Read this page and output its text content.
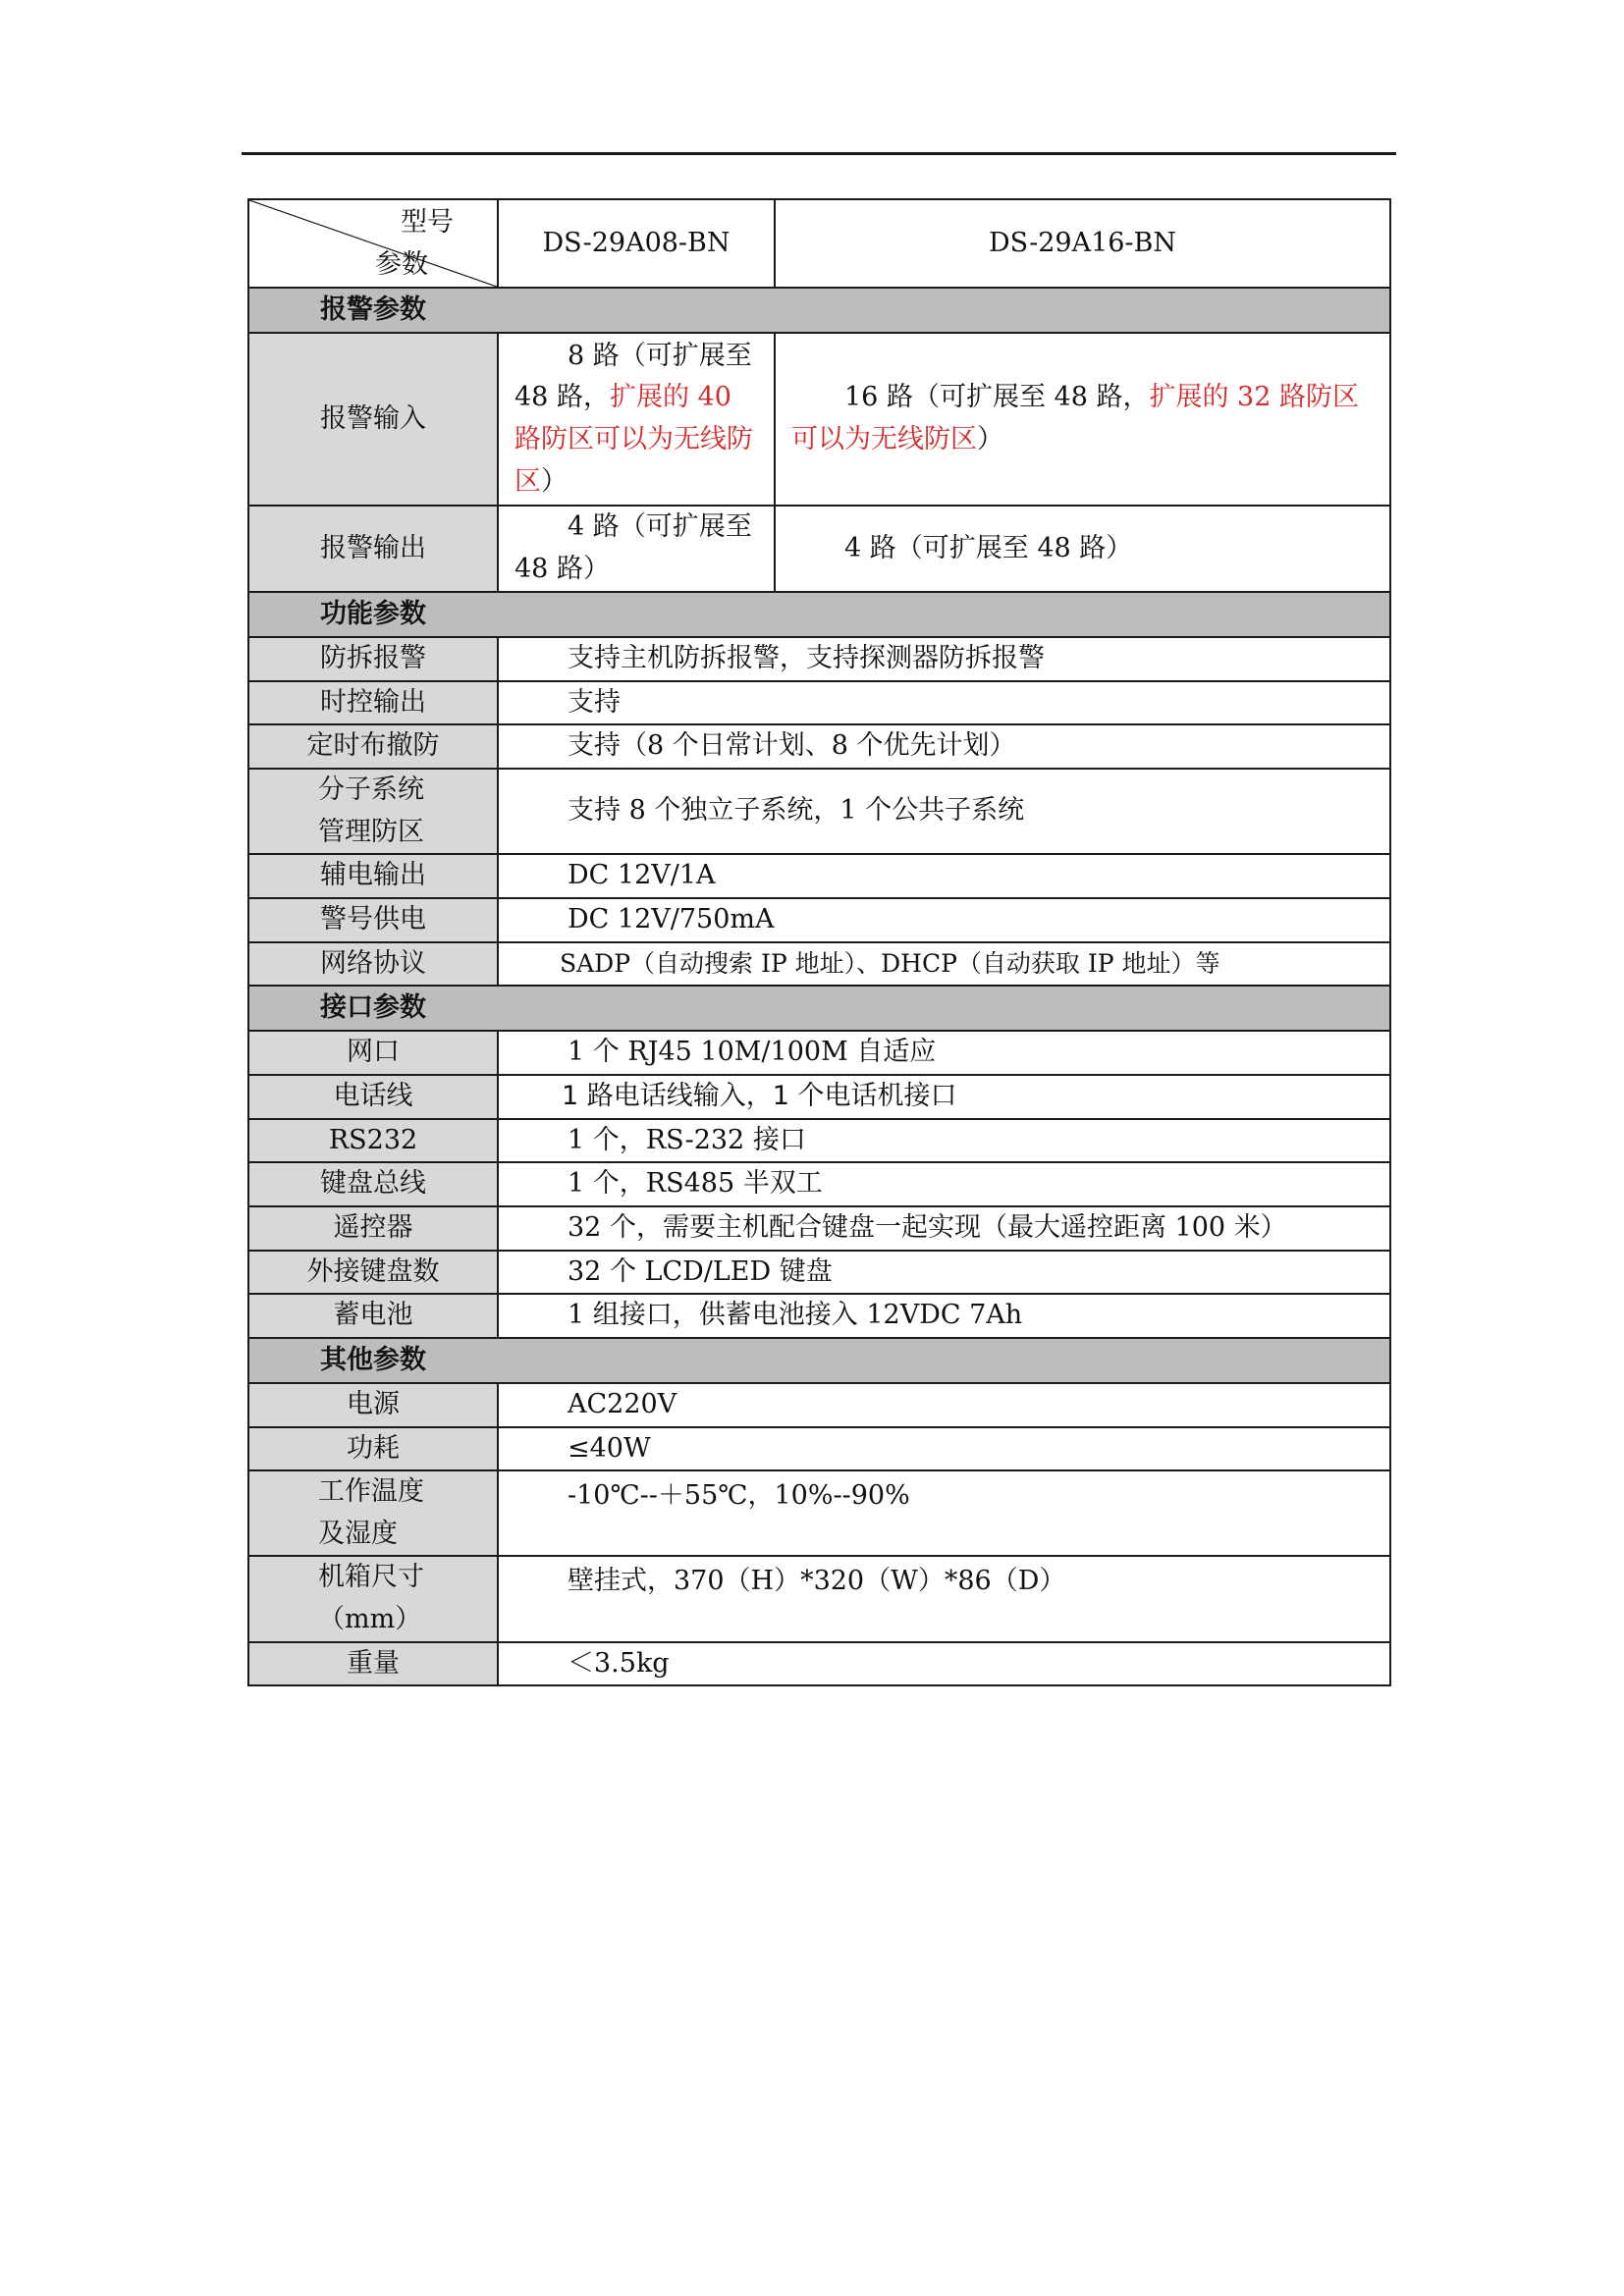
型号
参数	DS-29A08-BN	DS-29A16-BN
报警参数		
报警输入	8 路（可扩展至48 路，扩展的 40 路防区可以为无线防区）	16 路（可扩展至 48 路，扩展的 32 路防区可以为无线防区）
报警输出	4 路（可扩展至48 路）	4 路（可扩展至 48 路）
功能参数		
防拆报警	支持主机防拆报警，支持探测器防拆报警	
时控输出	支持	
定时布撤防	支持（8 个日常计划、8 个优先计划）	
分子系统管理防区	支持 8 个独立子系统，1 个公共子系统	
辅电输出	DC 12V/1A	
警号供电	DC 12V/750mA	
网络协议	SADP（自动搜索 IP 地址）、DHCP（自动获取 IP 地址）等	
接口参数		
网口	1 个 RJ45 10M/100M 自适应	
电话线	1 路电话线输入，1 个电话机接口	
RS232	1 个，RS-232 接口	
键盘总线	1 个，RS485 半双工	
遥控器	32 个，需要主机配合键盘一起实现（最大遥控距离 100 米）	
外接键盘数	32 个 LCD/LED 键盘	
蓄电池	1 组接口，供蓄电池接入 12VDC 7Ah	
其他参数		
电源	AC220V	
功耗	≤40W	
工作温度及湿度	-10℃--＋55℃，10%--90%	
机箱尺寸（mm）	壁挂式，370（H）*320（W）*86（D）	
重量	＜3.5kg	
